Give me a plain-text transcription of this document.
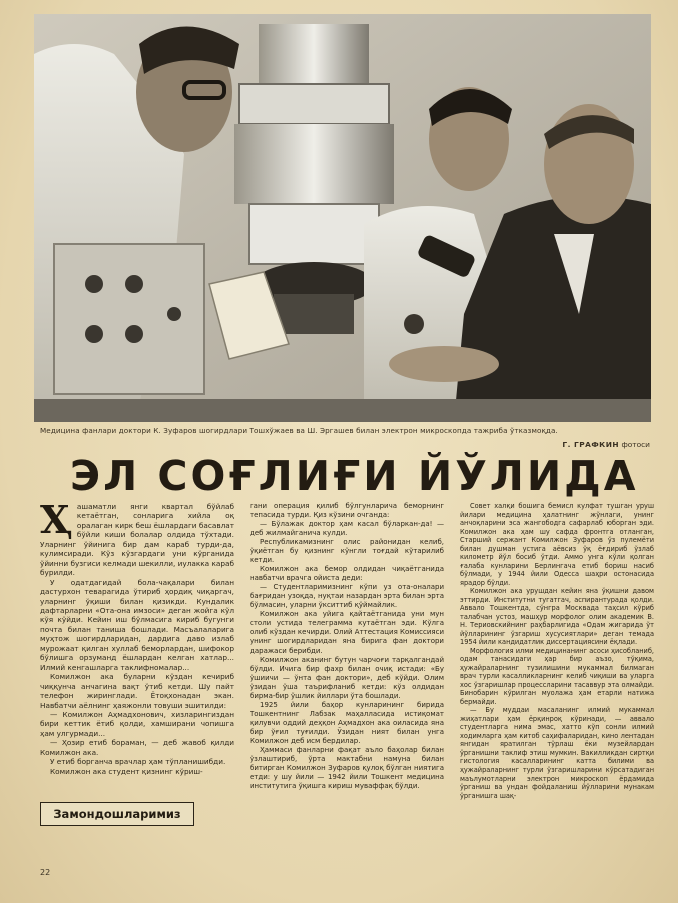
Медицина фанлари доктори К. Зуфаров шогирдлари Тошхўжаев ва Ш. Эргашев билан электрон микроскопда тажриба ўтказмоқда.
Г. ГРАФКИН фотоси
ЭЛ СОҒЛИҒИ ЙЎЛИДА

Ҳашаматли янги квартал бўйлаб кетаётган, сонларига хийла оқ оралаган кирк беш ёшлардаги басавлат бўйли киши болалар олдида тўхтади. Уларнинг ўйинига бир дам караб турди-да, кулимсиради. Кўз кўзгардаги уни кўрганида ўйинни бузгиси келмади шекилли, иулакка караб бурилди.

У одатдагидай бола-чақалари билан дастурхон теварагида ўтириб ҳордиқ чиқаргач, уларнинг ўқиши билан қизикди. Кундалик дафтарларни «Ота-она имзоси» деган жойга кўл кўя кўйди. Кейин иш бўлмасига кириб бугунги почта билан таниша бошлади. Масъалаларига муҳтож шогирдларидан, дардига даво излаб мурожаат қилган хуллаб беморлардан, шифокор бўлишга орзуманд ёшлардан келган хатлар... Илмий кенгашларга таклифномалар...

Комилжон ака буларни кўздан кечириб чиққунча анчагина вақт ўтиб кетди. Шу пайт телефон жиринглади. Ётоқхонадан экан. Навбатчи аёлнинг ҳаяжонли товуши эшитилди:

— Комилжон Аҳмадхонович, хизларингиздан бири кеттик ётиб қолди, хамширани чопишга ҳам улгурмади...

— Ҳозир етиб бораман, — деб жавоб қилди Комилжон ака.

У етиб борганча врачлар ҳам тўпланишибди.

Комилжон ака студент қизнинг кўриш-

гани операция қилиб бўлгунларича беморнинг тепасида турди. Қиз кўзини очганда:

— Бўлажак доктор ҳам касал бўларкан-да! — деб жилмайганича кулди.

Республикамизнинг олис районидан келиб, ўқиётган бу қизнинг кўнгли тоғдай кўтарилиб кетди.

Комилжон ака бемор олдидан чиқаётганида навбатчи врачга ойиста деди:

— Студентларимизнинг кўпи уз ота-оналари бағридан узоқда, нуқтаи назардан эрта билан эрта бўлмасин, уларни ўкситтиб қўймайлик.

Комилжон ака уйига қайтаётганида уни мун столи устида телеграмма кутаётган эди. Кўлга олиб кўздан кечирди. Олий Аттестация Комиссияси унинг шогирдларидан яна бирига фан доктори даражаси берибди.

Комилжон аканинг бутун чарчоғи тарқалгандай бўлди. Ичига бир фахр билан очиқ истади: «Бу ўшиичи — ўнта фан доктори», деб кўйди. Олим ўзидан ўша таърифланиб кетди: кўз олдидан бирма-бир ўшлик йиллари ўта бошлади.

1925 йили баҳор кунларининг бирида Тошкентнинг Лабзак маҳалласида истиқомат қилувчи оддий деҳқон Аҳмадхон ака оиласида яна бир ўғил туғилди. Ўзидан ният билан унга Комилжон деб исм бердилар.

Ҳаммаси фанларни фақат аъло баҳолар билан ўзлаштириб, ўрта мактабни намуна билан битирган Комилжон Зуфаров қулоқ бўлган ниятига етди: у шу йили — 1942 йили Тошкент медицина институтига ўқишга кириш муваффақ бўлди.

Совет халқи бошига бемисл кулфат тушган уруш йилари медицина ҳалатнинг жўнлаги, унинг анчоқларини эса жангободга сафарлаб юборган эди. Комилжон ака ҳам шу сафда фронтга отланган, Старший сержант Комилжон Зуфаров ўз пулемёти билан душман устига аёвсиз ўқ ёғдириб ўзлаб километр йўл босиб ўтди. Аммо унга кўли қолган ғалаба кунларини Берлингача етиб бориш насиб бўлмади, у 1944 йили Одесса шаҳри остонасида ярадор бўлди.

Комилжон ака урушдан кейин яна ўқишни давом эттирди. Институтни тугатгач, аспирантурада қолди. Аввало Тошкентда, сўнгра Москвада таҳсил кўриб талабчан устоз, машҳур морфолог олим академик В. Н. Териовскийнинг раҳбарлигида «Одам жигарида ўт йўлларининг ўзгариш хусусиятлари» деган темада 1954 йили кандидатлик диссертациясини ёқлади.

Морфология илми медицинанинг асоси ҳисобланиб, одам танасидаги ҳар бир аъзо, тўқима, ҳужайраларнинг тузилишини мукаммал билмаган врач турли касалликларнинг келиб чиқиши ва уларга хос ўзгаришлар процессларини тасаввур эта олмайди. Бинобарин кўрилган муолажа ҳам етарли натижа бермайди.

— Бу муддаи масаланинг илмий мукаммал жиҳатлари ҳам ёрқинроқ кўринади, — аввало студентларга нима эмас, хатто кўп сонли илмий ходимларга ҳам китоб саҳифаларидан, кино лентадан янгидан яратилган тўрлаш ёки музейлардан ўрганишни таклиф этиш мумкин. Вакилликдан сиртқи гистология касалларининг катта билими ва ҳужайраларнинг турли ўзгаришларини кўрсатадиган маълумотларни электрон микроскоп ёрдамида ўрганиш ва ундан фойдаланиш йўлларини мунакам ўрганишга шақ-

Замондошларимиз
22
